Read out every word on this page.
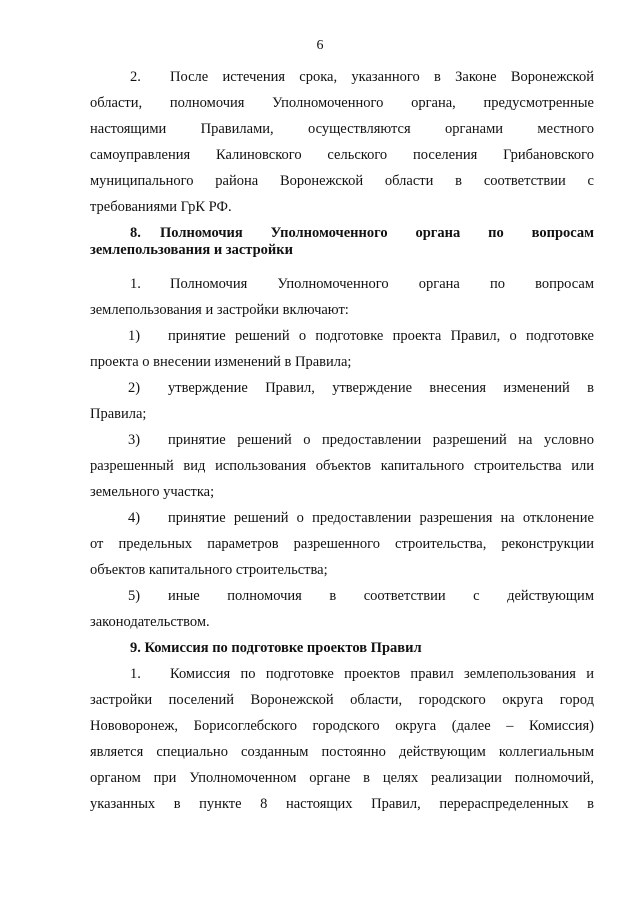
6
2. После истечения срока, указанного в Законе Воронежской
области, полномочия Уполномоченного органа, предусмотренные
настоящими Правилами, осуществляются органами местного
самоуправления Калиновского сельского поселения Грибановского
муниципального района Воронежской области в соответствии с
требованиями ГрК РФ.
8. Полномочия Уполномоченного органа по вопросам
землепользования и застройки
1. Полномочия Уполномоченного органа по вопросам
землепользования и застройки включают:
1) принятие решений о подготовке проекта Правил, о подготовке
проекта о внесении изменений в Правила;
2) утверждение Правил, утверждение внесения изменений в
Правила;
3) принятие решений о предоставлении разрешений на условно
разрешенный вид использования объектов капитального строительства или
земельного участка;
4) принятие решений о предоставлении разрешения на отклонение
от предельных параметров разрешенного строительства, реконструкции
объектов капитального строительства;
5) иные полномочия в соответствии с действующим
законодательством.
9. Комиссия по подготовке проектов Правил
1. Комиссия по подготовке проектов правил землепользования и
застройки поселений Воронежской области, городского округа город
Нововоронеж, Борисоглебского городского округа (далее – Комиссия)
является специально созданным постоянно действующим коллегиальным
органом при Уполномоченном органе в целях реализации полномочий,
указанных в пункте 8 настоящих Правил, перераспределенных в
